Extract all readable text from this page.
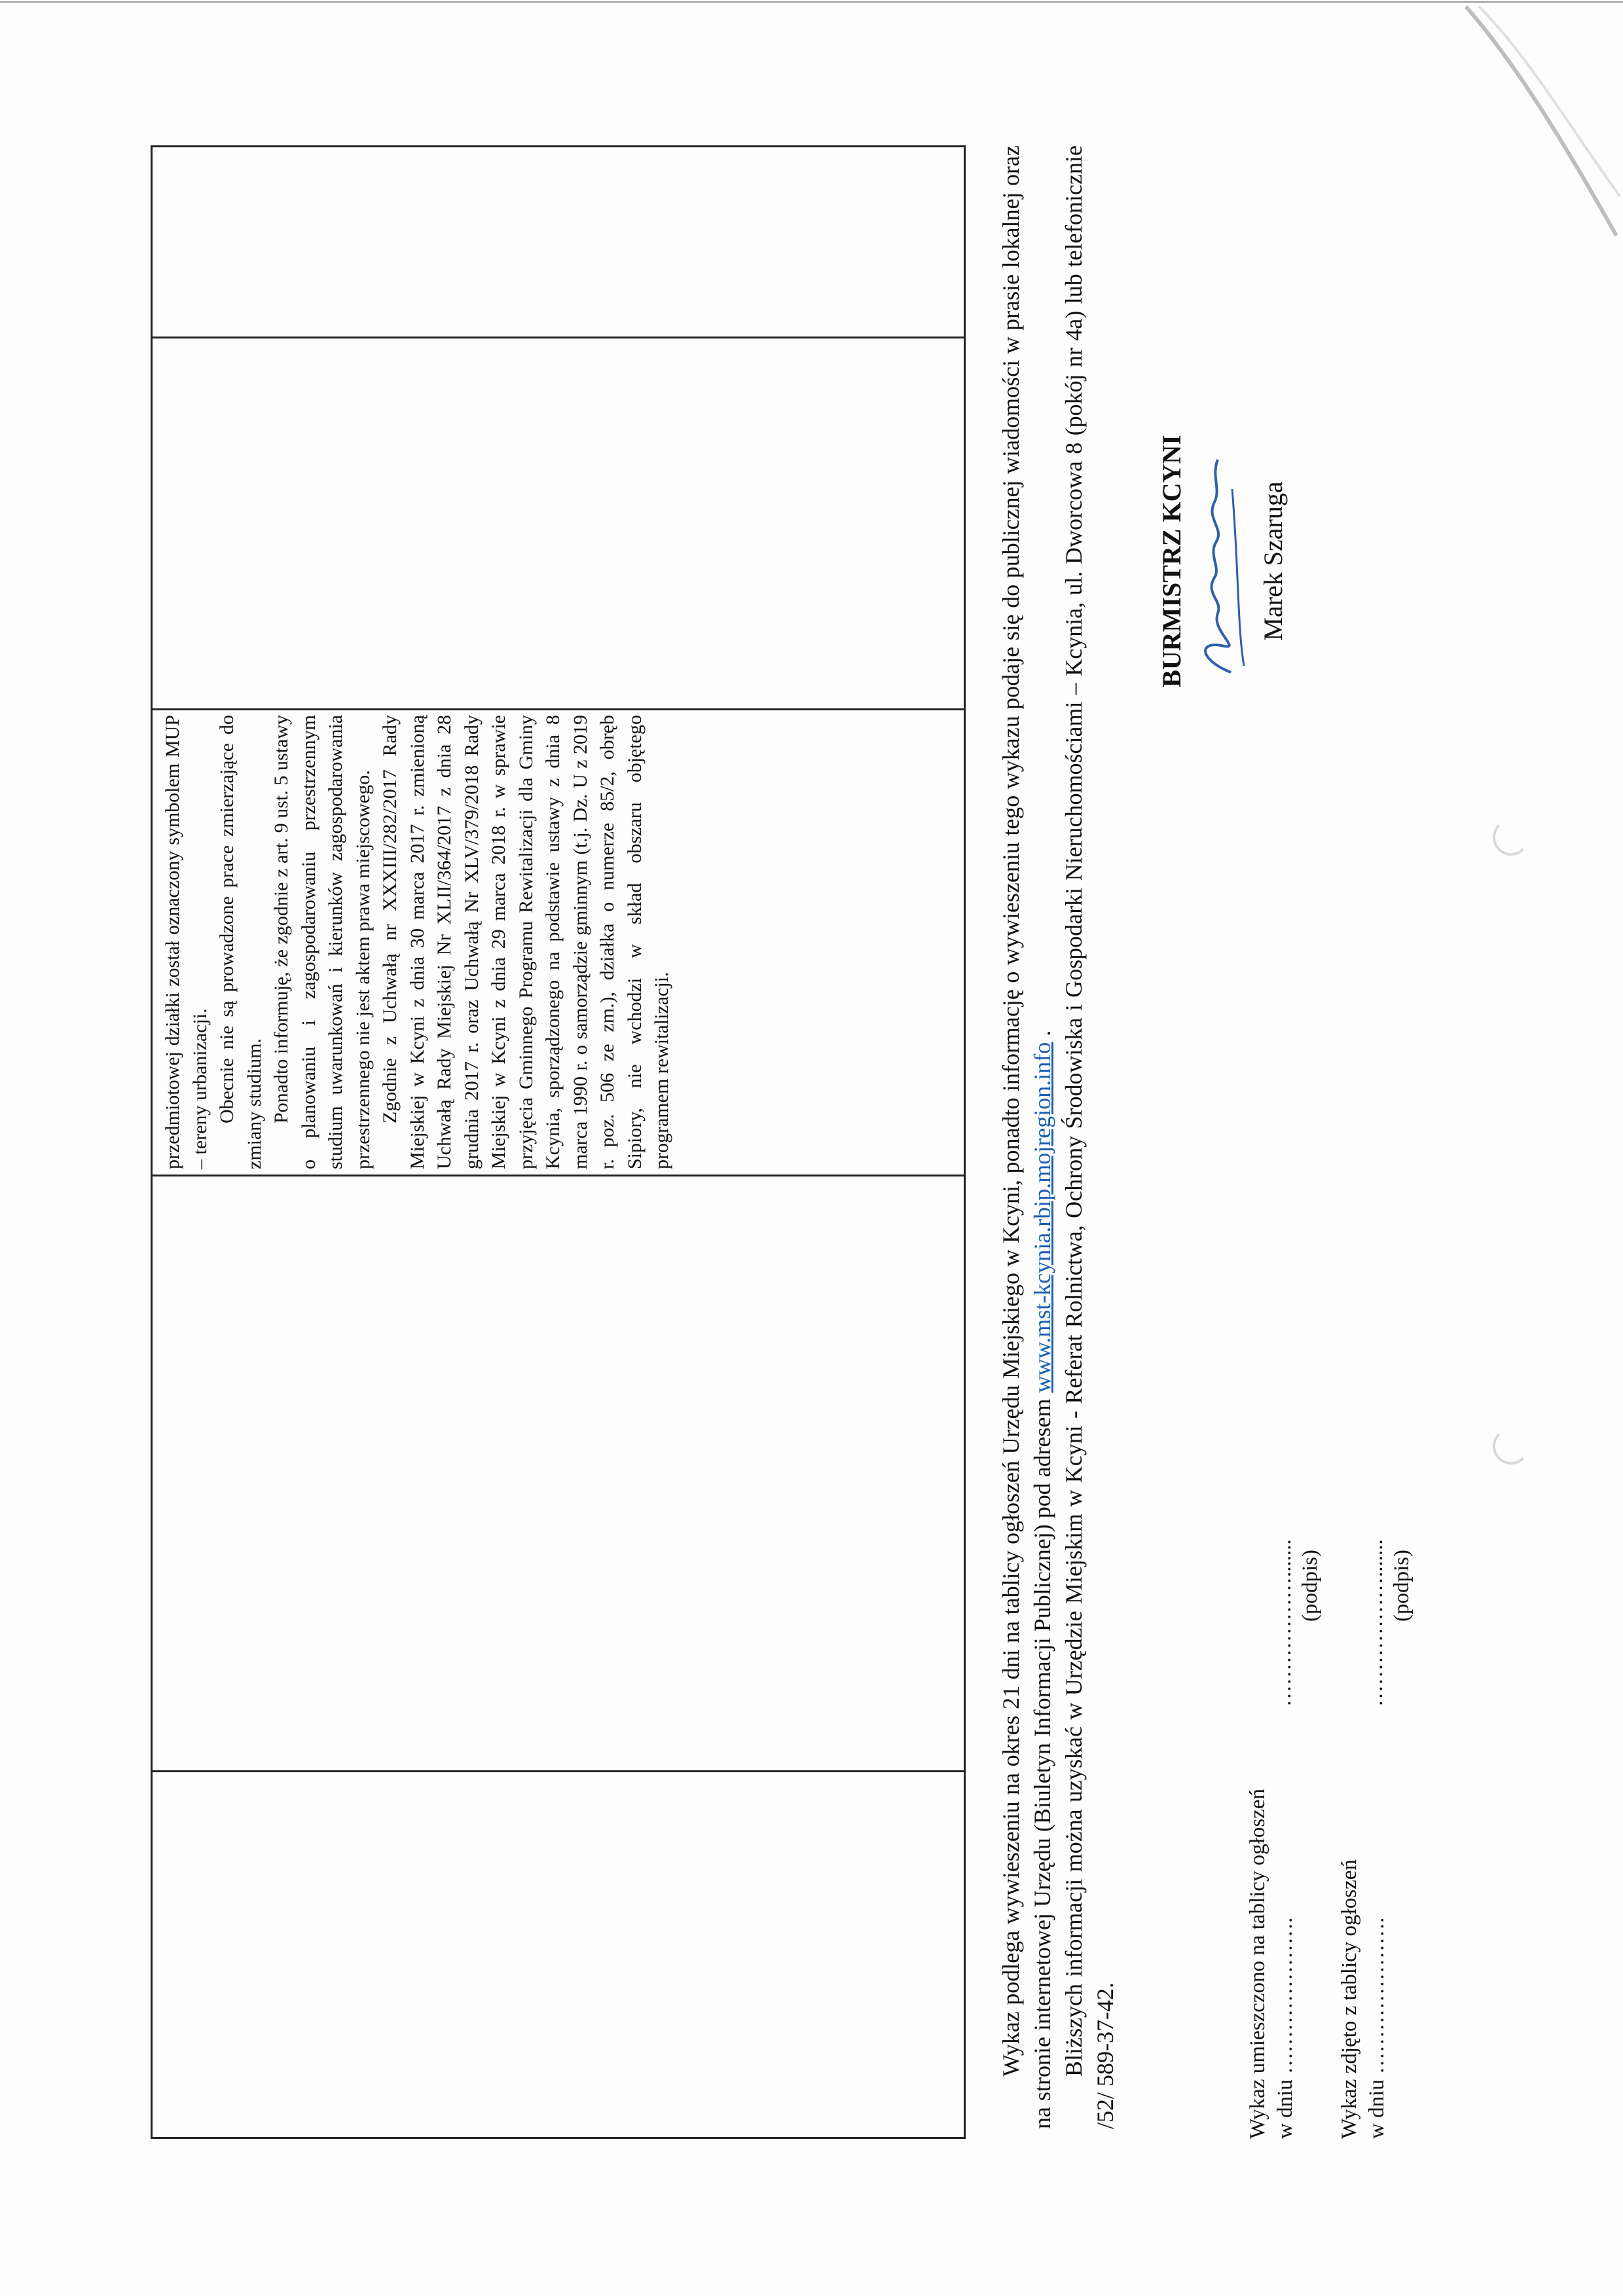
przedmiotowej działki został oznaczony symbolem MUP – tereny urbanizacji. Obecnie nie są prowadzone prace zmierzające do zmiany studium. Ponadto informuję, że zgodnie z art. 9 ust. 5 ustawy o planowaniu i zagospodarowaniu przestrzennym studium uwarunkowań i kierunków zagospodarowania przestrzennego nie jest aktem prawa miejscowego. Zgodnie z Uchwałą nr XXXIII/282/2017 Rady Miejskiej w Kcyni z dnia 30 marca 2017 r. zmienioną Uchwałą Rady Miejskiej Nr XLII/364/2017 z dnia 28 grudnia 2017 r. oraz Uchwałą Nr XLV/379/2018 Rady Miejskiej w Kcyni z dnia 29 marca 2018 r. w sprawie przyjęcia Gminnego Programu Rewitalizacji dla Gminy Kcynia, sporządzonego na podstawie ustawy z dnia 8 marca 1990 r. o samorządzie gminnym (t.j. Dz. U z 2019 r. poz. 506 ze zm.), działka o numerze 85/2, obręb Sipiory, nie wchodzi w skład obszaru objętego programem rewitalizacji.	Wykaz podlega wywieszeniu na okres 21 dni na tablicy ogłoszeń Urzędu Miejskiego w Kcyni, ponadto informację o wywieszeniu tego wykazu podaje się do publicznej wiadomości w prasie lokalnej oraz na stronie internetowej Urzędu (Biuletyn Informacji Publicznej) pod adresem www.mst-kcynia.rbip.mojregion.info . Bliższych informacji można uzyskać w Urzędzie Miejskim w Kcyni - Referat Rolnictwa, Ochrony Środowiska i Gospodarki Nieruchomościami – Kcynia, ul. Dworcowa 8 (pokój nr 4a) lub telefonicznie /52/ 589-37-42.

BURMISTRZ KCYNI	Marek Szaruga
Wykaz umieszczono na tablicy ogłoszeń w dniu ………………….
………………....... (podpis)
Wykaz zdjęto z tablicy ogłoszeń w dniu ………………….
………………....... (podpis)
